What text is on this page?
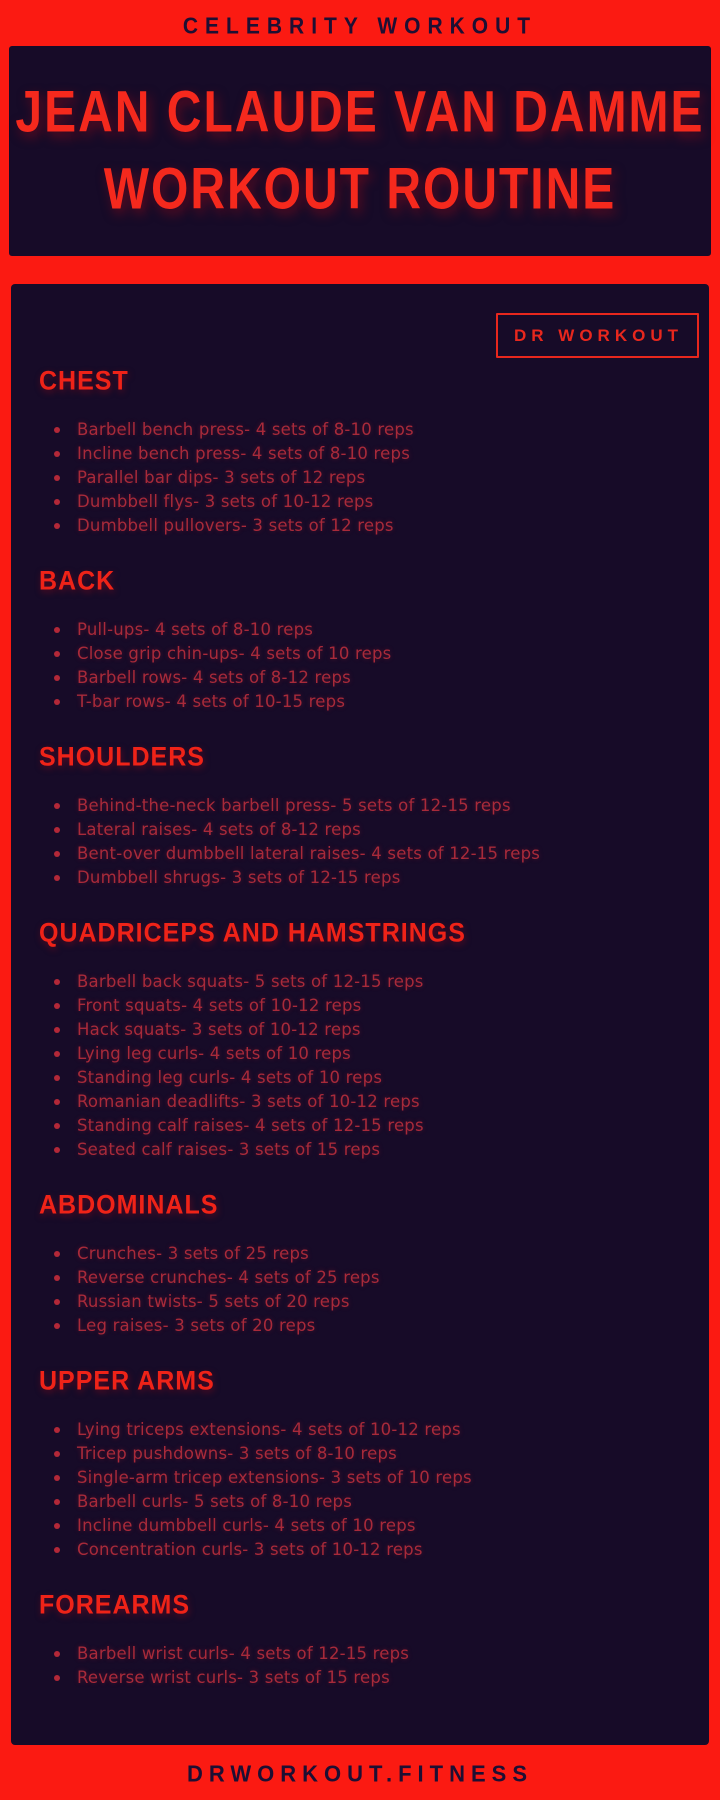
CELEBRITY WORKOUT
JEAN CLAUDE VAN DAMME
WORKOUT ROUTINE
DR WORKOUT
CHEST
Barbell bench press- 4 sets of 8-10 reps
Incline bench press- 4 sets of 8-10 reps
Parallel bar dips- 3 sets of 12 reps
Dumbbell flys- 3 sets of 10-12 reps
Dumbbell pullovers- 3 sets of 12 reps
BACK
Pull-ups- 4 sets of 8-10 reps
Close grip chin-ups- 4 sets of 10 reps
Barbell rows- 4 sets of 8-12 reps
T-bar rows- 4 sets of 10-15 reps
SHOULDERS
Behind-the-neck barbell press- 5 sets of 12-15 reps
Lateral raises- 4 sets of 8-12 reps
Bent-over dumbbell lateral raises- 4 sets of 12-15 reps
Dumbbell shrugs- 3 sets of 12-15 reps
QUADRICEPS AND HAMSTRINGS
Barbell back squats- 5 sets of 12-15 reps
Front squats- 4 sets of 10-12 reps
Hack squats- 3 sets of 10-12 reps
Lying leg curls- 4 sets of 10 reps
Standing leg curls- 4 sets of 10 reps
Romanian deadlifts- 3 sets of 10-12 reps
Standing calf raises- 4 sets of 12-15 reps
Seated calf raises- 3 sets of 15 reps
ABDOMINALS
Crunches- 3 sets of 25 reps
Reverse crunches- 4 sets of 25 reps
Russian twists- 5 sets of 20 reps
Leg raises- 3 sets of 20 reps
UPPER ARMS
Lying triceps extensions- 4 sets of 10-12 reps
Tricep pushdowns- 3 sets of 8-10 reps
Single-arm tricep extensions- 3 sets of 10 reps
Barbell curls- 5 sets of 8-10 reps
Incline dumbbell curls- 4 sets of 10 reps
Concentration curls- 3 sets of 10-12 reps
FOREARMS
Barbell wrist curls- 4 sets of 12-15 reps
Reverse wrist curls- 3 sets of 15 reps
DRWORKOUT.FITNESS
